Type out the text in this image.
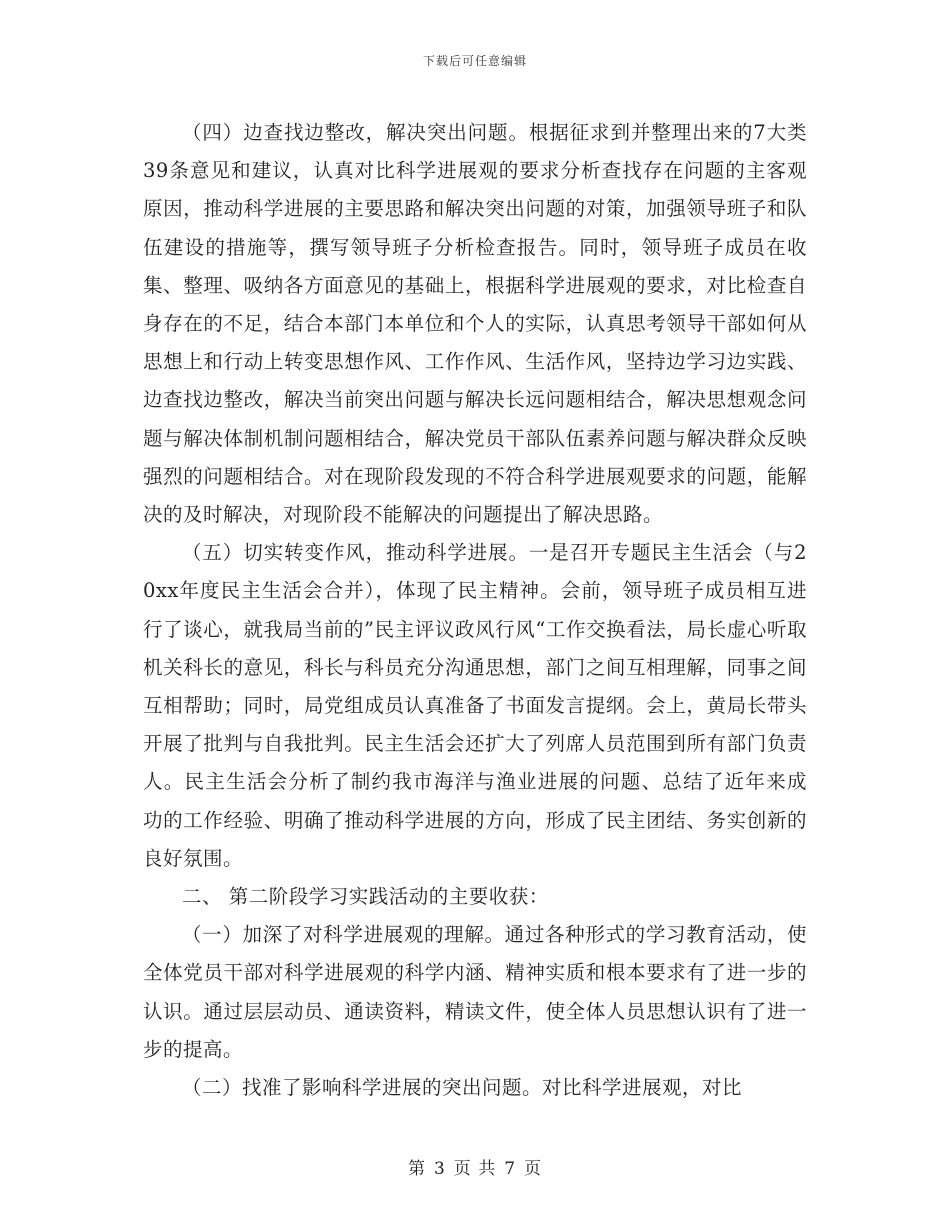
下载后可任意编辑

（四）边查找边整改，解决突出问题。根据征求到并整理出来的7大类39条意见和建议，认真对比科学进展观的要求分析查找存在问题的主客观原因，推动科学进展的主要思路和解决突出问题的对策，加强领导班子和队伍建设的措施等，撰写领导班子分析检查报告。同时，领导班子成员在收集、整理、吸纳各方面意见的基础上，根据科学进展观的要求，对比检查自身存在的不足，结合本部门本单位和个人的实际，认真思考领导干部如何从思想上和行动上转变思想作风、工作作风、生活作风，坚持边学习边实践、边查找边整改，解决当前突出问题与解决长远问题相结合，解决思想观念问题与解决体制机制问题相结合，解决党员干部队伍素养问题与解决群众反映强烈的问题相结合。对在现阶段发现的不符合科学进展观要求的问题，能解决的及时解决，对现阶段不能解决的问题提出了解决思路。

（五）切实转变作风，推动科学进展。一是召开专题民主生活会（与20xx年度民主生活会合并），体现了民主精神。会前，领导班子成员相互进行了谈心，就我局当前的”民主评议政风行风“工作交换看法，局长虚心听取机关科长的意见，科长与科员充分沟通思想，部门之间互相理解，同事之间互相帮助；同时，局党组成员认真准备了书面发言提纲。会上，黄局长带头开展了批判与自我批判。民主生活会还扩大了列席人员范围到所有部门负责人。民主生活会分析了制约我市海洋与渔业进展的问题、总结了近年来成 功的工作经验、明确了推动科学进展的方向，形成了民主团结、务实创新的良好氛围。

二、 第二阶段学习实践活动的主要收获：

（一）加深了对科学进展观的理解。通过各种形式的学习教育活动，使全体党员干部对科学进展观的科学内涵、精神实质和根本要求有了进一步的认识。通过层层动员、通读资料，精读文件，使全体人员思想认识有了进一步的提高。

（二）找准了影响科学进展的突出问题。对比科学进展观，对比

第 3 页 共 7 页
